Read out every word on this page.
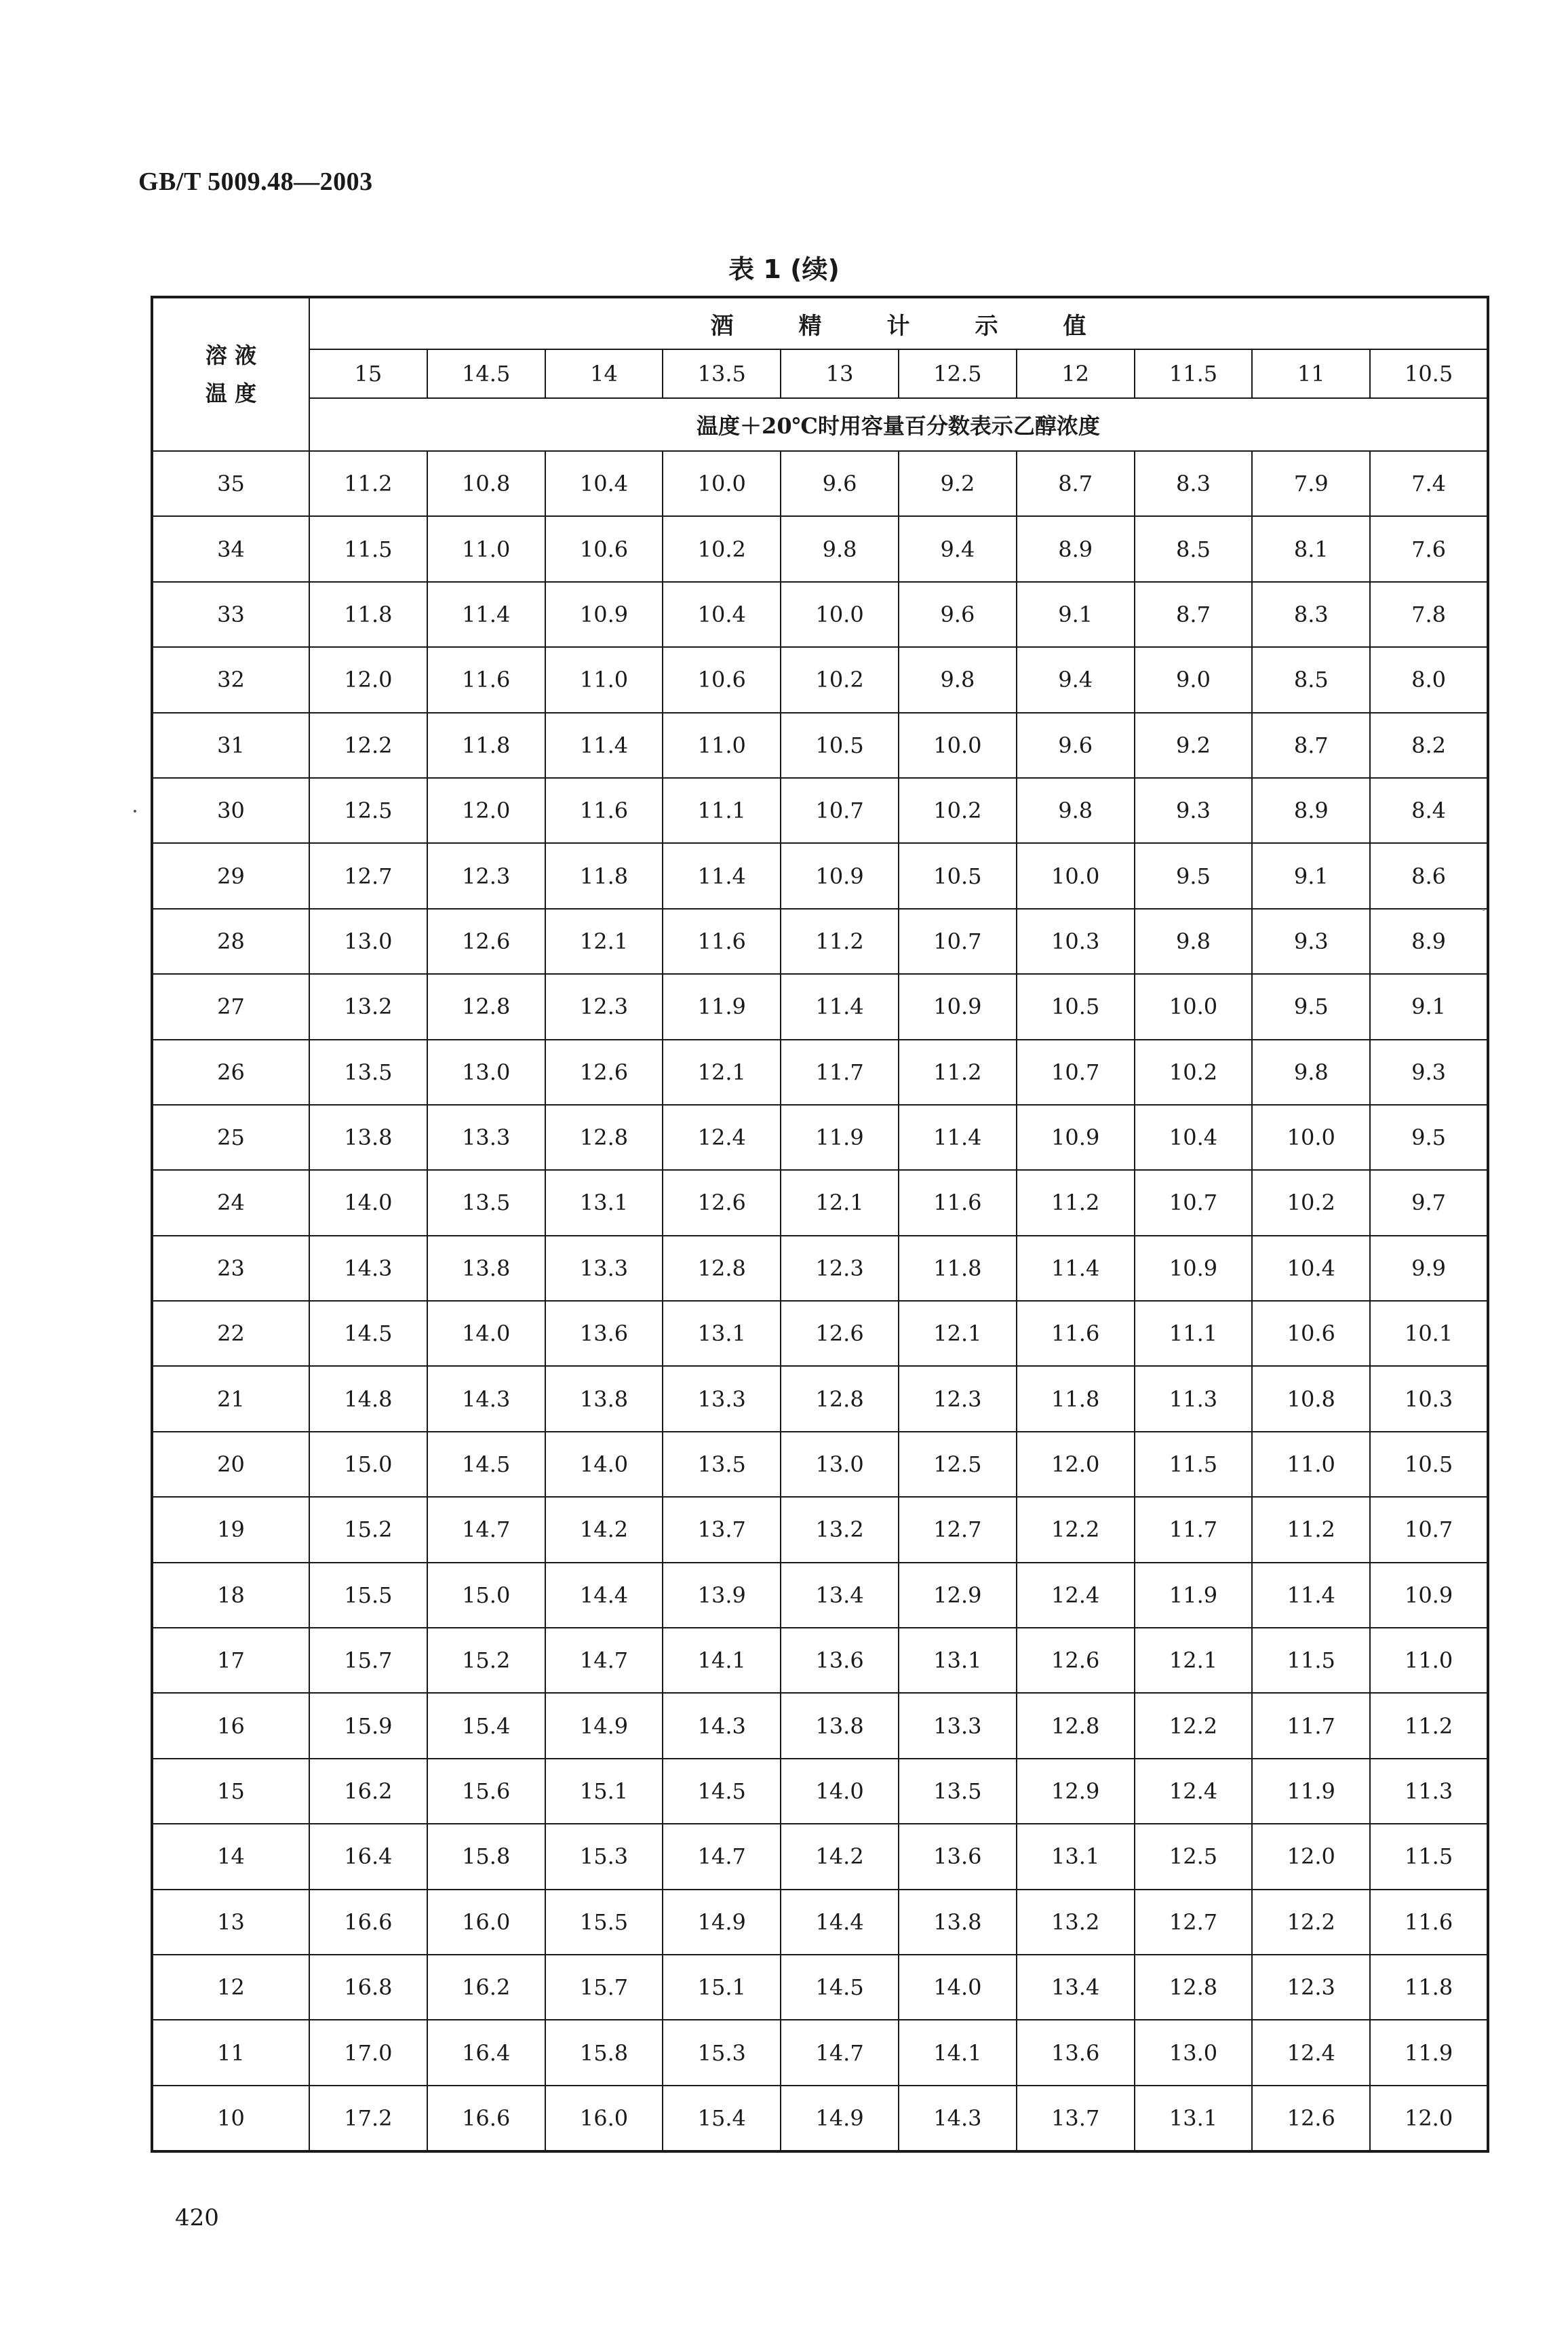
GB/T 5009.48—2003
表 1 (续)
溶 液
温 度	酒 精 计 示 值									
	15	14.5	14	13.5	13	12.5	12	11.5	11	10.5
	温度＋20℃时用容量百分数表示乙醇浓度									
35	11.2	10.8	10.4	10.0	9.6	9.2	8.7	8.3	7.9	7.4
34	11.5	11.0	10.6	10.2	9.8	9.4	8.9	8.5	8.1	7.6
33	11.8	11.4	10.9	10.4	10.0	9.6	9.1	8.7	8.3	7.8
32	12.0	11.6	11.0	10.6	10.2	9.8	9.4	9.0	8.5	8.0
31	12.2	11.8	11.4	11.0	10.5	10.0	9.6	9.2	8.7	8.2
30	12.5	12.0	11.6	11.1	10.7	10.2	9.8	9.3	8.9	8.4
29	12.7	12.3	11.8	11.4	10.9	10.5	10.0	9.5	9.1	8.6
28	13.0	12.6	12.1	11.6	11.2	10.7	10.3	9.8	9.3	8.9
27	13.2	12.8	12.3	11.9	11.4	10.9	10.5	10.0	9.5	9.1
26	13.5	13.0	12.6	12.1	11.7	11.2	10.7	10.2	9.8	9.3
25	13.8	13.3	12.8	12.4	11.9	11.4	10.9	10.4	10.0	9.5
24	14.0	13.5	13.1	12.6	12.1	11.6	11.2	10.7	10.2	9.7
23	14.3	13.8	13.3	12.8	12.3	11.8	11.4	10.9	10.4	9.9
22	14.5	14.0	13.6	13.1	12.6	12.1	11.6	11.1	10.6	10.1
21	14.8	14.3	13.8	13.3	12.8	12.3	11.8	11.3	10.8	10.3
20	15.0	14.5	14.0	13.5	13.0	12.5	12.0	11.5	11.0	10.5
19	15.2	14.7	14.2	13.7	13.2	12.7	12.2	11.7	11.2	10.7
18	15.5	15.0	14.4	13.9	13.4	12.9	12.4	11.9	11.4	10.9
17	15.7	15.2	14.7	14.1	13.6	13.1	12.6	12.1	11.5	11.0
16	15.9	15.4	14.9	14.3	13.8	13.3	12.8	12.2	11.7	11.2
15	16.2	15.6	15.1	14.5	14.0	13.5	12.9	12.4	11.9	11.3
14	16.4	15.8	15.3	14.7	14.2	13.6	13.1	12.5	12.0	11.5
13	16.6	16.0	15.5	14.9	14.4	13.8	13.2	12.7	12.2	11.6
12	16.8	16.2	15.7	15.1	14.5	14.0	13.4	12.8	12.3	11.8
11	17.0	16.4	15.8	15.3	14.7	14.1	13.6	13.0	12.4	11.9
10	17.2	16.6	16.0	15.4	14.9	14.3	13.7	13.1	12.6	12.0
420
